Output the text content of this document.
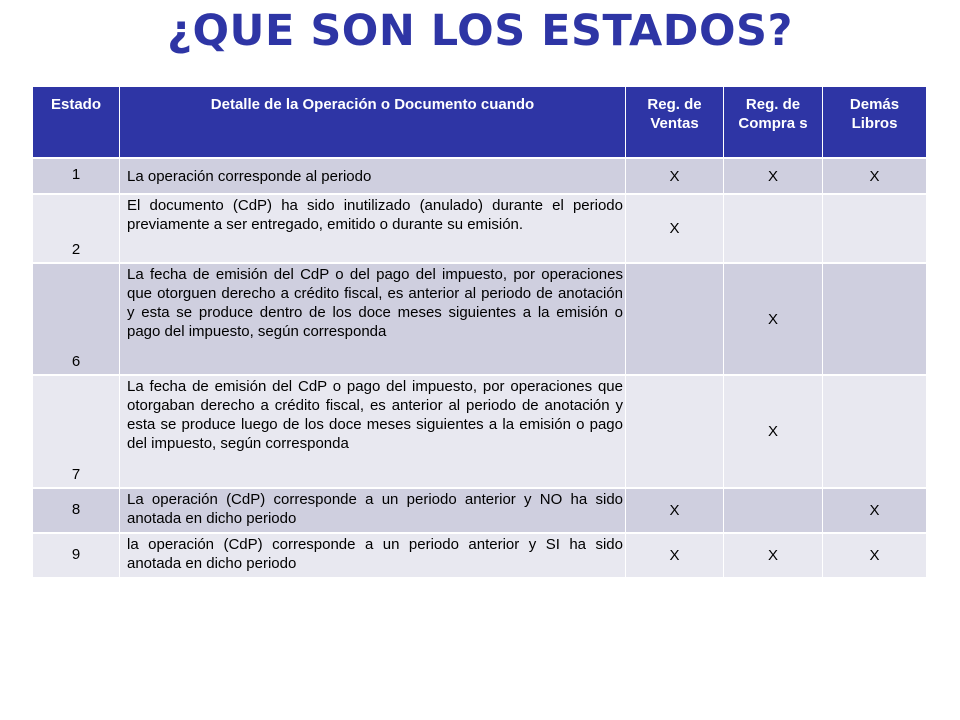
¿QUE SON LOS ESTADOS?
Estado	Detalle de la Operación o Documento cuando	Reg. de Ventas	Reg. de Compra s	Demás Libros
1	La operación corresponde al periodo	X	X	X
2	El documento (CdP) ha sido inutilizado (anulado) durante el periodo previamente a ser entregado, emitido o durante su emisión.	X		
6	La fecha de emisión del CdP o del pago del impuesto, por operaciones que otorguen derecho a crédito fiscal, es anterior al periodo de anotación y esta se produce dentro de los doce meses siguientes a la emisión o pago del impuesto, según corresponda		X	
7	La fecha de emisión del CdP o pago del impuesto, por operaciones que otorgaban derecho a crédito fiscal, es anterior al periodo de anotación y esta se produce luego de los doce meses siguientes a la emisión o pago del impuesto, según corresponda		X	
8	La operación (CdP) corresponde a un periodo anterior y NO ha sido anotada en dicho periodo	X		X
9	la operación (CdP) corresponde a un periodo anterior y SI ha sido anotada en dicho periodo	X	X	X
